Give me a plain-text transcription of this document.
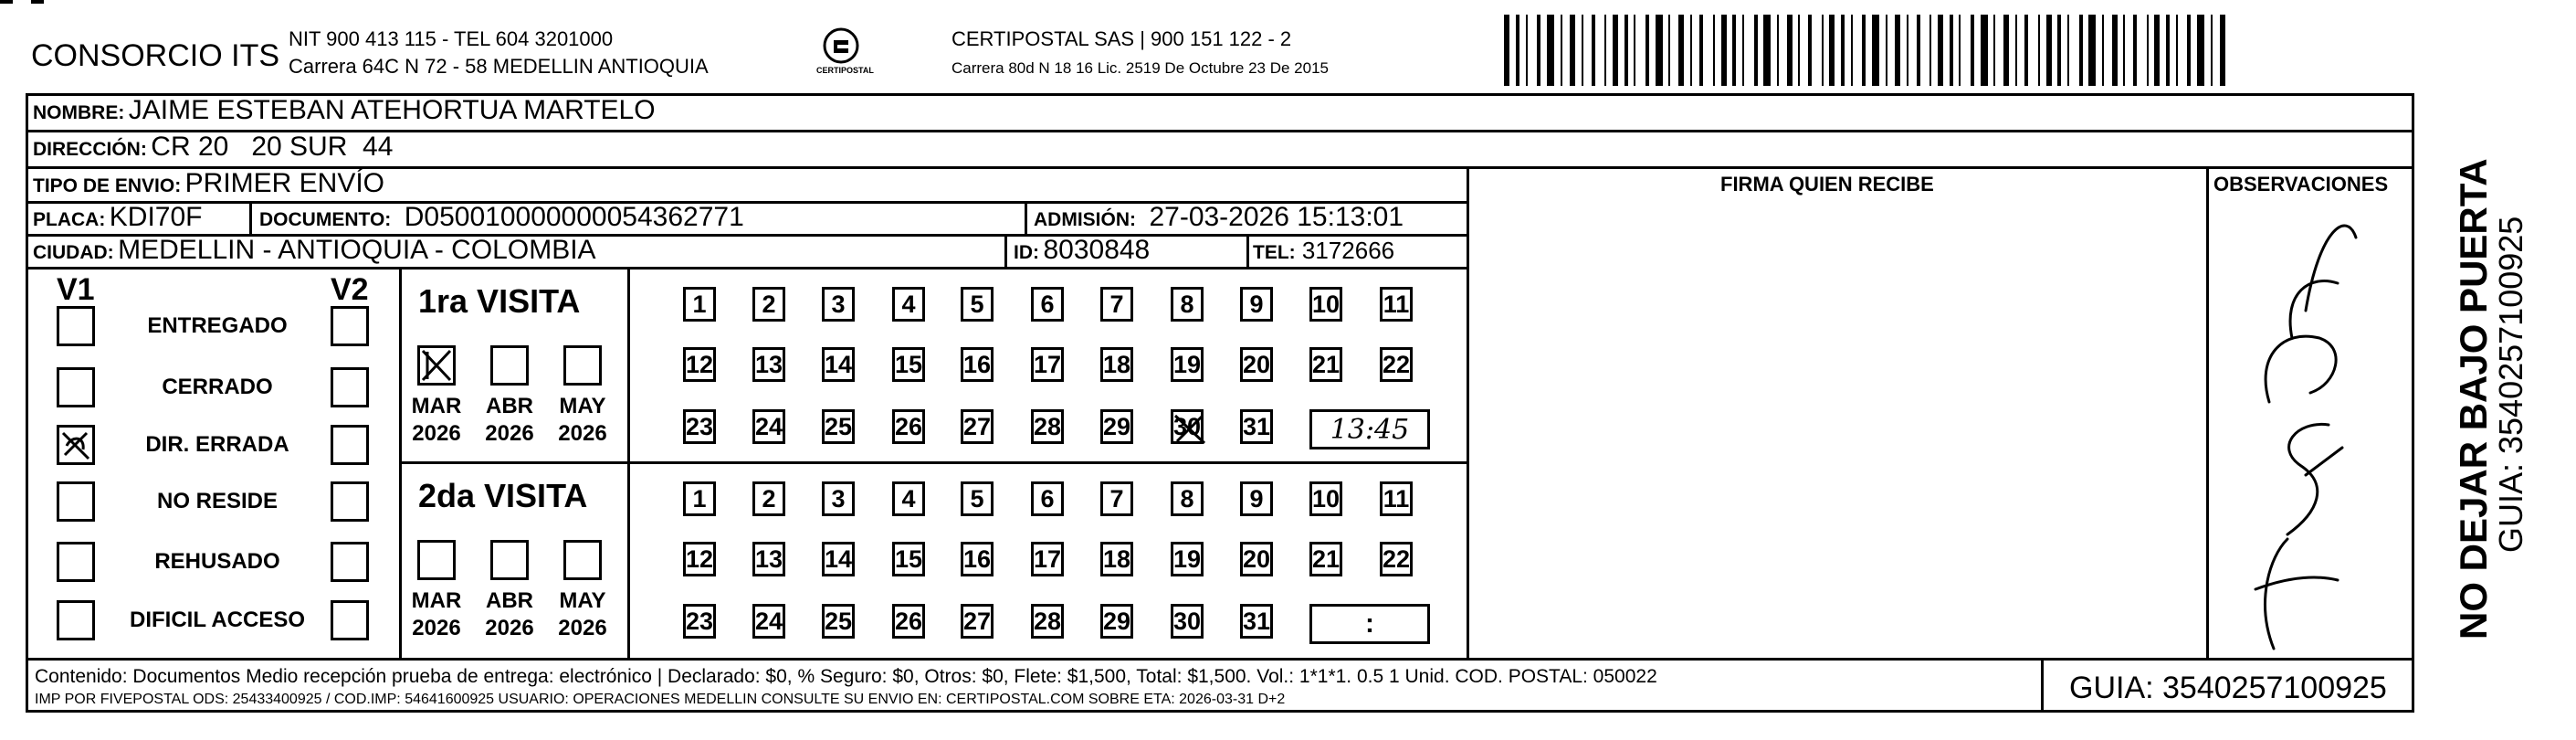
CONSORCIO ITS NIT 900 413 115 - TEL 604 3201000
Carrera 64C N 72 - 58 MEDELLIN ANTIOQUIA	CERTIPOSTAL
CERTIPOSTAL SAS | 900 151 122 - 2
Carrera 80d N 18 16 Lic. 2519 De Octubre 23 De 2015
NOMBRE: JAIME ESTEBAN ATEHORTUA MARTELO
DIRECCIÓN: CR 20   20 SUR  44
TIPO DE ENVIO: PRIMER ENVÍO
PLACA: KDI70F	DOCUMENTO: D050010000000054362771	ADMISIÓN: 27-03-2026 15:13:01
CIUDAD: MEDELLIN - ANTIOQUIA - COLOMBIA	ID: 8030848	TEL: 3172666
FIRMA QUIEN RECIBE	OBSERVACIONES
V1	V2
ENTREGADO
CERRADO
DIR. ERRADA
NO RESIDE
REHUSADO
DIFICIL ACCESO
1ra VISITA
MAR
2026
ABR
2026
MAY
2026
1 2 3 4 5 6 7 8 9 10 11
12 13 14 15 16 17 18 19 20 21 22
23 24 25 26 27 28 29 30 31 13:45
2da VISITA
MAR
2026
ABR
2026
MAY
2026
1 2 3 4 5 6 7 8 9 10 11
12 13 14 15 16 17 18 19 20 21 22
23 24 25 26 27 28 29 30 31	:
Contenido: Documentos Medio recepción prueba de entrega: electrónico | Declarado: $0, % Seguro: $0, Otros: $0, Flete: $1,500, Total: $1,500. Vol.: 1*1*1. 0.5 1 Unid. COD. POSTAL: 050022
IMP POR FIVEPOSTAL ODS: 25433400925 / COD.IMP: 54641600925 USUARIO: OPERACIONES MEDELLIN CONSULTE SU ENVIO EN: CERTIPOSTAL.COM SOBRE ETA: 2026-03-31 D+2	GUIA: 3540257100925
NO DEJAR BAJO PUERTA
GUIA: 3540257100925
